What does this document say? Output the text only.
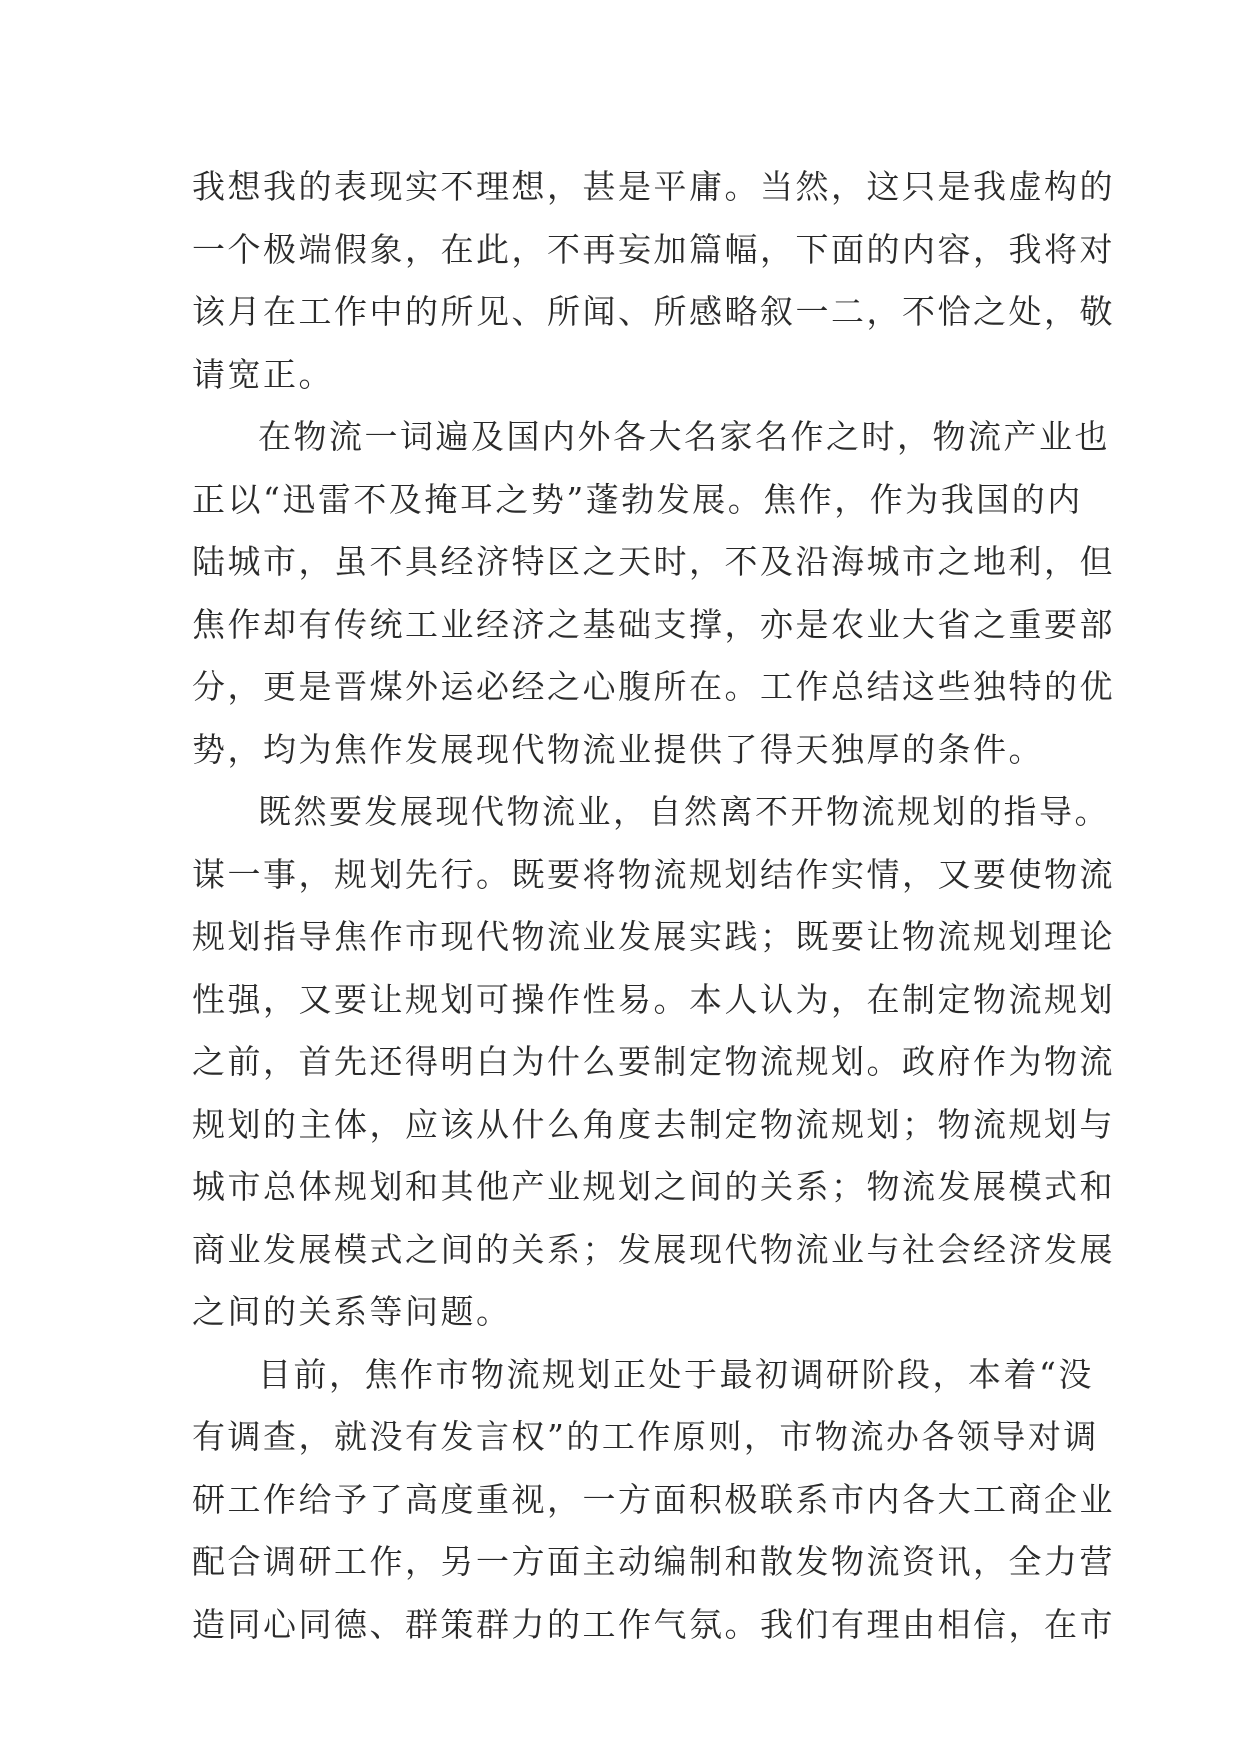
我想我的表现实不理想，甚是平庸。当然，这只是我虚构的
一个极端假象，在此，不再妄加篇幅，下面的内容，我将对
该月在工作中的所见、所闻、所感略叙一二，不恰之处，敬
请宽正。
在物流一词遍及国内外各大名家名作之时，物流产业也
正以“迅雷不及掩耳之势”蓬勃发展。焦作，作为我国的内
陆城市，虽不具经济特区之天时，不及沿海城市之地利，但
焦作却有传统工业经济之基础支撑，亦是农业大省之重要部
分，更是晋煤外运必经之心腹所在。工作总结这些独特的优
势，均为焦作发展现代物流业提供了得天独厚的条件。
既然要发展现代物流业，自然离不开物流规划的指导。
谋一事，规划先行。既要将物流规划结作实情，又要使物流
规划指导焦作市现代物流业发展实践；既要让物流规划理论
性强，又要让规划可操作性易。本人认为，在制定物流规划
之前，首先还得明白为什么要制定物流规划。政府作为物流
规划的主体，应该从什么角度去制定物流规划；物流规划与
城市总体规划和其他产业规划之间的关系；物流发展模式和
商业发展模式之间的关系；发展现代物流业与社会经济发展
之间的关系等问题。
目前，焦作市物流规划正处于最初调研阶段，本着“没
有调查，就没有发言权”的工作原则，市物流办各领导对调
研工作给予了高度重视，一方面积极联系市内各大工商企业
配合调研工作，另一方面主动编制和散发物流资讯，全力营
造同心同德、群策群力的工作气氛。我们有理由相信，在市
